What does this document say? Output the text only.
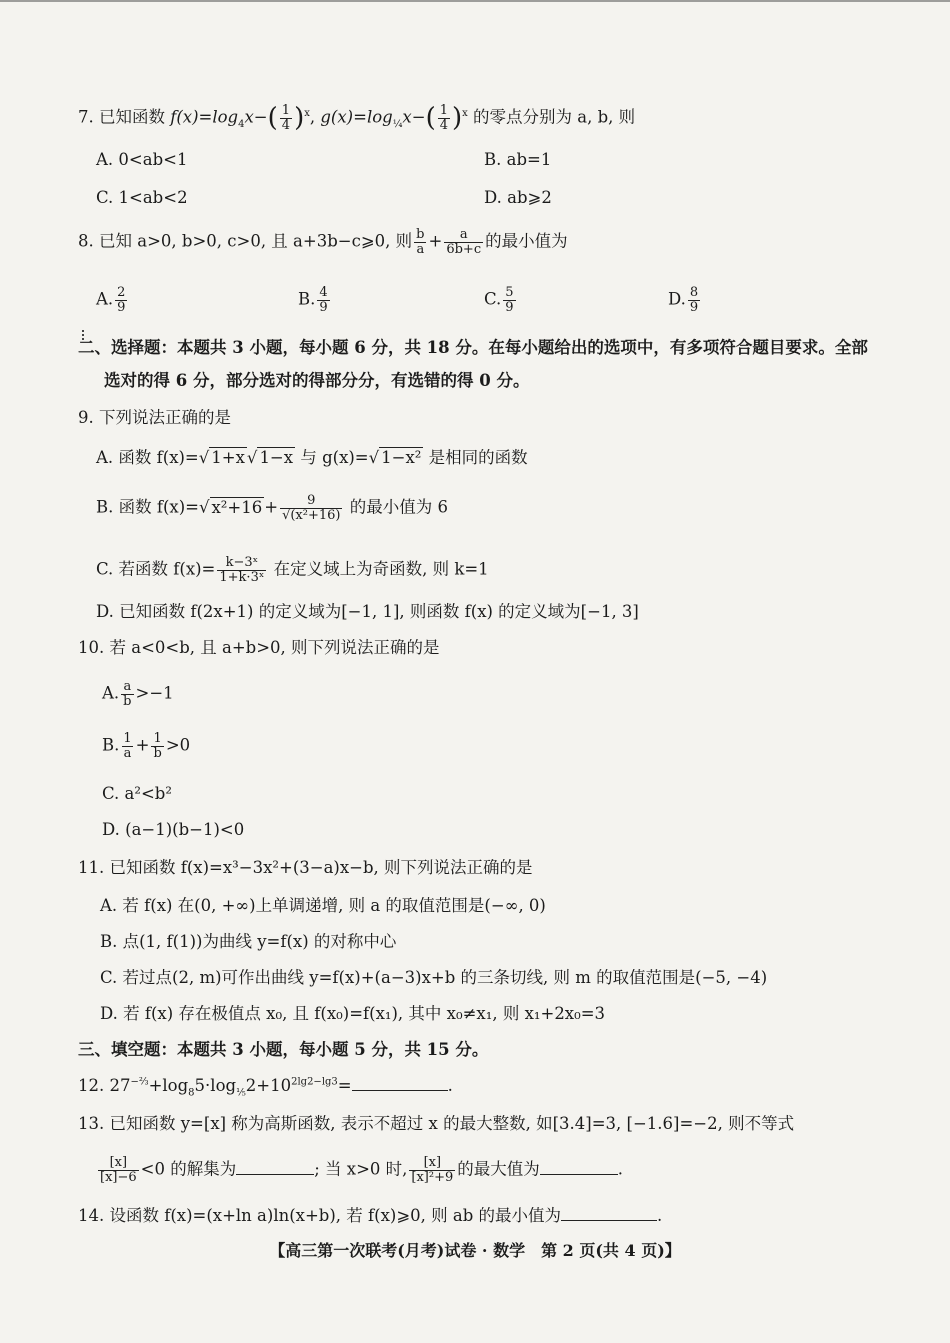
7. 已知函数 $f(x)=\log_4x-( \frac{1}{4} )^x$, $g(x)=\log_{\frac{1}{4}}x-( \frac{1}{4} )^x$ 的零点分别为 a, b, 则
A. 0<ab<1	B. ab=1
C. 1<ab<2	D. ab⩾2
8. 已知 a>0, b>0, c>0, 且 a+3b−c⩾0, 则 $\frac{b}{a} + \frac{a}{6b+c}$ 的最小值为
A. $\frac{2}{9}$	B. $\frac{4}{9}$	C. $\frac{5}{9}$	D. $\frac{8}{9}$
二、选择题：本题共 3 小题，每小题 6 分，共 18 分。在每小题给出的选项中，有多项符合题目要求。全部
选对的得 6 分，部分选对的得部分分，有选错的得 0 分。
9. 下列说法正确的是
A. 函数 f(x)=√ 1+x √ 1−x 与 g(x)=√ 1−x² 是相同的函数
B. 函数 f(x)=√ $x^2+16 + \frac{9}{\text{√(x²+16)}}$ 的最小值为 6
C. 若函数 $f(x)= \frac{\text{k−3ˣ}}{\text{1+k·3ˣ}}$ 在定义域上为奇函数, 则 k=1
D. 已知函数 f(2x+1) 的定义域为[−1, 1], 则函数 f(x) 的定义域为[−1, 3]
10. 若 a<0<b, 且 a+b>0, 则下列说法正确的是
A. $\frac{a}{b} >-1$
B. $\frac{1}{a} + \frac{1}{b} >0$
C. a²<b²
D. (a−1)(b−1)<0
11. 已知函数 f(x)=x³−3x²+(3−a)x−b, 则下列说法正确的是
A. 若 f(x) 在(0, +∞)上单调递增, 则 a 的取值范围是(−∞, 0)
B. 点(1, f(1))为曲线 y=f(x) 的对称中心
C. 若过点(2, m)可作出曲线 y=f(x)+(a−3)x+b 的三条切线, 则 m 的取值范围是(−5, −4)
D. 若 f(x) 存在极值点 x₀, 且 f(x₀)=f(x₁), 其中 x₀≠x₁, 则 x₁+2x₀=3
三、填空题：本题共 3 小题，每小题 5 分，共 15 分。
12. $27^{-\frac{2}{3}}+\log_85\cdot\log_{\frac{1}{5}}2+10^{2lg2-lg3}=$	.
13. 已知函数 y=[x] 称为高斯函数, 表示不超过 x 的最大整数, 如[3.4]=3, [−1.6]=−2, 则不等式
$\frac{[x]}{[x]-6} <0$ 的解集为	; 当 x>0 时, $\frac{[x]}{\text{[x]²+9}}$ 的最大值为	.
14. 设函数 f(x)=(x+ln a)ln(x+b), 若 f(x)⩾0, 则 ab 的最小值为	.
【高三第一次联考(月考)试卷 · 数学　第 2 页(共 4 页)】
